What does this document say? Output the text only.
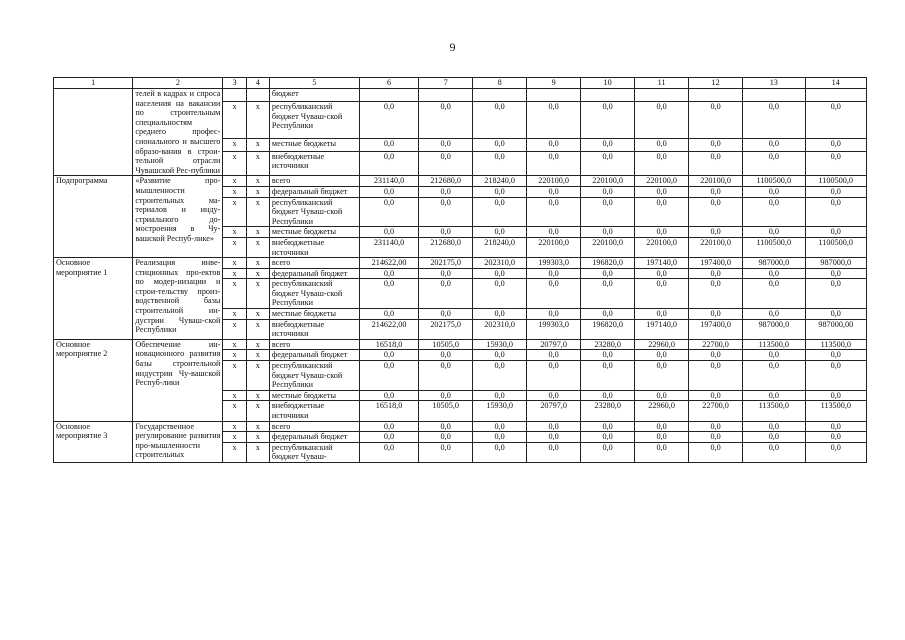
9
1	2	3	4	5	6	7	8	9	10	11	12	13	14
	телей в кадрах и спроса населения на вакансии по строительным специальностям среднего профес-сионального и высшего образо-вания в строи-тельной отрасли Чувашской Рес-публики			бюджет									
		x	x	республиканский бюджет Чуваш-ской Республики	0,0	0,0	0,0	0,0	0,0	0,0	0,0	0,0	0,0
		x	x	местные бюджеты	0,0	0,0	0,0	0,0	0,0	0,0	0,0	0,0	0,0
		x	x	внебюджетные источники	0,0	0,0	0,0	0,0	0,0	0,0	0,0	0,0	0,0
Подпрограмма	«Развитие про-мышленности строительных ма-териалов и инду-стриального до-мостроения в Чу-вашской Респуб-лике»	x	x	всего	231140,0	212680,0	218240,0	220100,0	220100,0	220100,0	220100,0	1100500,0	1100500,0
		x	x	федеральный бюджет	0,0	0,0	0,0	0,0	0,0	0,0	0,0	0,0	0,0
		x	x	республиканский бюджет Чуваш-ской Республики	0,0	0,0	0,0	0,0	0,0	0,0	0,0	0,0	0,0
		x	x	местные бюджеты	0,0	0,0	0,0	0,0	0,0	0,0	0,0	0,0	0,0
		x	x	внебюджетные источники	231140,0	212680,0	218240,0	220100,0	220100,0	220100,0	220100,0	1100500,0	1100500,0
Основное мероприятие 1	Реализация инве-стиционных про-ектов по модер-низации и строи-тельству произ-водственной базы строительной ин-дустрии Чуваш-ской Республики	x	x	всего	214622,00	202175,0	202310,0	199303,0	196820,0	197140,0	197400,0	987000,0	987000,0
		x	x	федеральный бюджет	0,0	0,0	0,0	0,0	0,0	0,0	0,0	0,0	0,0
		x	x	республиканский бюджет Чуваш-ской Республики	0,0	0,0	0,0	0,0	0,0	0,0	0,0	0,0	0,0
		x	x	местные бюджеты	0,0	0,0	0,0	0,0	0,0	0,0	0,0	0,0	0,0
		x	x	внебюджетные источники	214622,00	202175,0	202310,0	199303,0	196820,0	197140,0	197400,0	987000,0	987000,00
Основное мероприятие 2	Обеспечение ин-новационного развития базы строительной индустрии Чу-вашской Респуб-лики	x	x	всего	16518,0	10505,0	15930,0	20797,0	23280,0	22960,0	22700,0	113500,0	113500,0
		x	x	федеральный бюджет	0,0	0,0	0,0	0,0	0,0	0,0	0,0	0,0	0,0
		x	x	республиканский бюджет Чуваш-ской Республики	0,0	0,0	0,0	0,0	0,0	0,0	0,0	0,0	0,0
		x	x	местные бюджеты	0,0	0,0	0,0	0,0	0,0	0,0	0,0	0,0	0,0
		x	x	внебюджетные источники	16518,0	10505,0	15930,0	20797,0	23280,0	22960,0	22700,0	113500,0	113500,0
Основное мероприятие 3	Государственное регулирование развития про-мышленности строительных	x	x	всего	0,0	0,0	0,0	0,0	0,0	0,0	0,0	0,0	0,0
		x	x	федеральный бюджет	0,0	0,0	0,0	0,0	0,0	0,0	0,0	0,0	0,0
		x	x	республиканский бюджет Чуваш-	0,0	0,0	0,0	0,0	0,0	0,0	0,0	0,0	0,0
